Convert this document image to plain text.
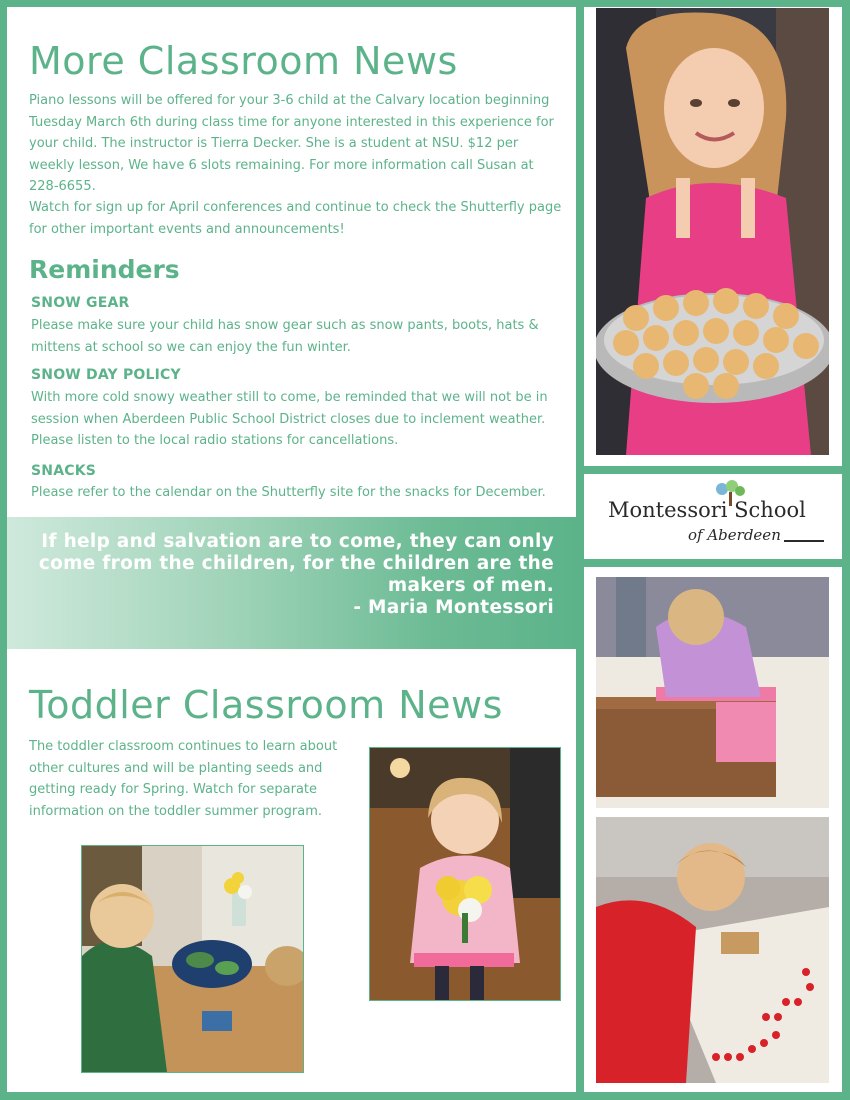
More Classroom News

Piano lessons will be offered for your 3-6 child at the Calvary location beginning Tuesday March 6th during class time for anyone interested in this experience for your child. The instructor is Tierra Decker. She is a student at NSU. $12 per weekly lesson, We have 6 slots remaining. For more information call Susan at 228-6655.

Watch for sign up for April conferences and continue to check the Shutterfly page for other important events and announcements!

Reminders
SNOW GEAR

Please make sure your child has snow gear such as snow pants, boots, hats & mittens at school so we can enjoy the fun winter.

SNOW DAY POLICY

With more cold snowy weather still to come, be reminded that we will not be in session when Aberdeen Public School District closes due to inclement weather. Please listen to the local radio stations for cancellations.

SNACKS

Please refer to the calendar on the Shutterfly site for the snacks for December.

If help and salvation are to come, they can only come from the children, for the children are the makers of men.
- Maria Montessori

Toddler Classroom News

The toddler classroom continues to learn about other cultures and will be planting seeds and getting ready for Spring. Watch for separate information on the toddler summer program.

Montessori School
of Aberdeen
